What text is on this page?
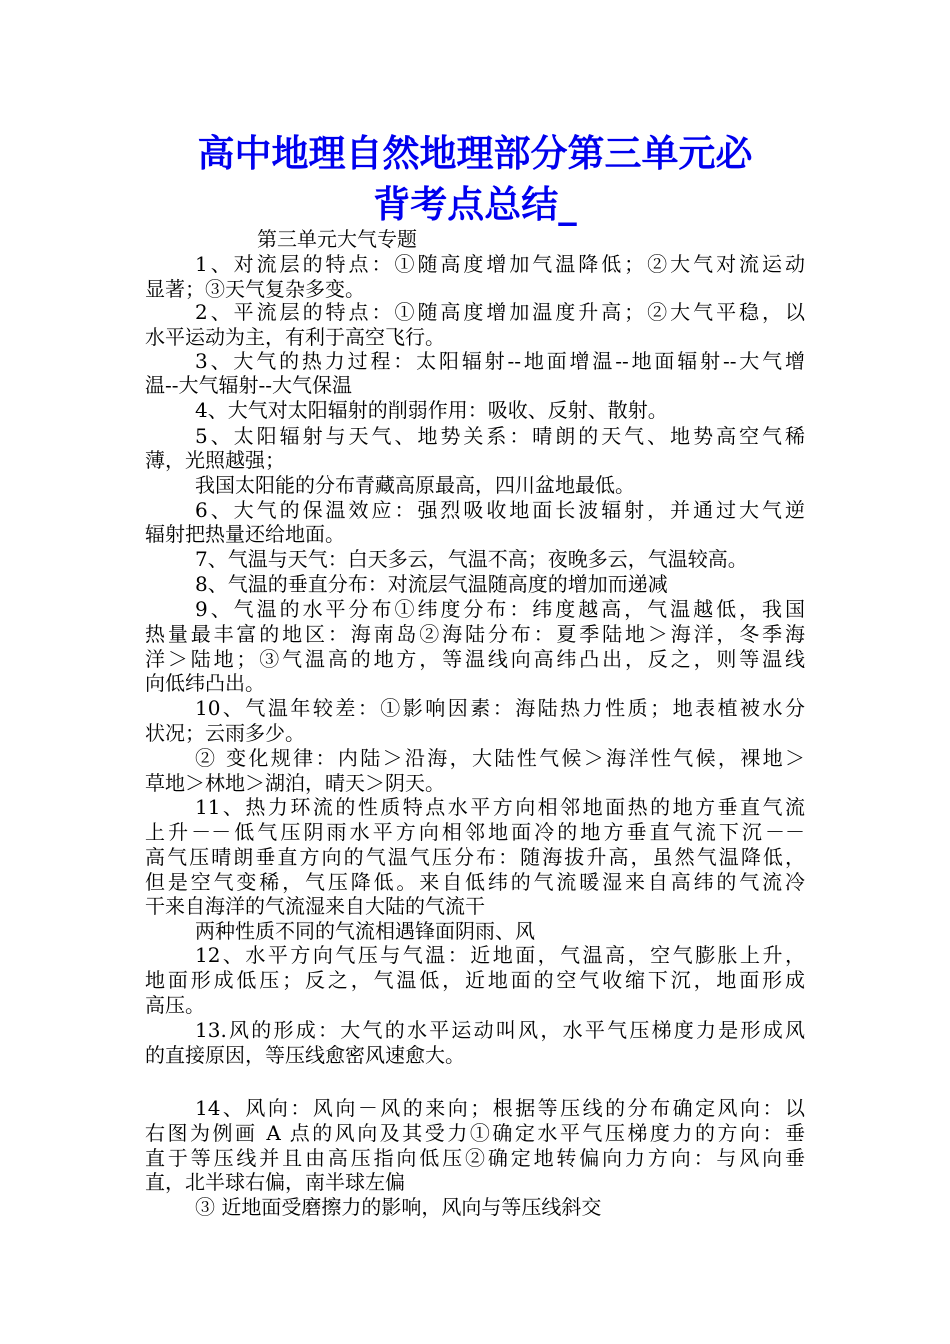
高中地理自然地理部分第三单元必
背考点总结_
第三单元大气专题
1、对流层的特点：①随高度增加气温降低；②大气对流运动
显著；③天气复杂多变。
2、平流层的特点：①随高度增加温度升高；②大气平稳，以
水平运动为主，有利于高空飞行。
3、大气的热力过程：太阳辐射--地面增温--地面辐射--大气增
温--大气辐射--大气保温
4、大气对太阳辐射的削弱作用：吸收、反射、散射。
5、太阳辐射与天气、地势关系：晴朗的天气、地势高空气稀
薄，光照越强；
我国太阳能的分布青藏高原最高，四川盆地最低。
6、大气的保温效应：强烈吸收地面长波辐射，并通过大气逆
辐射把热量还给地面。
7、气温与天气：白天多云，气温不高；夜晚多云，气温较高。
8、气温的垂直分布：对流层气温随高度的增加而递减
9、气温的水平分布①纬度分布：纬度越高，气温越低，我国
热量最丰富的地区：海南岛②海陆分布：夏季陆地＞海洋，冬季海
洋＞陆地；③气温高的地方，等温线向高纬凸出，反之，则等温线
向低纬凸出。
10、气温年较差：①影响因素：海陆热力性质；地表植被水分
状况；云雨多少。
② 变化规律：内陆＞沿海，大陆性气候＞海洋性气候，裸地＞
草地＞林地＞湖泊，晴天＞阴天。
11、热力环流的性质特点水平方向相邻地面热的地方垂直气流
上升－－低气压阴雨水平方向相邻地面冷的地方垂直气流下沉－－
高气压晴朗垂直方向的气温气压分布：随海拔升高，虽然气温降低，
但是空气变稀，气压降低。来自低纬的气流暖湿来自高纬的气流冷
干来自海洋的气流湿来自大陆的气流干
两种性质不同的气流相遇锋面阴雨、风
12、水平方向气压与气温：近地面，气温高，空气膨胀上升，
地面形成低压；反之，气温低，近地面的空气收缩下沉，地面形成
高压。
13.风的形成：大气的水平运动叫风，水平气压梯度力是形成风
的直接原因，等压线愈密风速愈大。
14、风向：风向－风的来向；根据等压线的分布确定风向：以
右图为例画 A 点的风向及其受力①确定水平气压梯度力的方向：垂
直于等压线并且由高压指向低压②确定地转偏向力方向：与风向垂
直，北半球右偏，南半球左偏
③ 近地面受磨擦力的影响，风向与等压线斜交
